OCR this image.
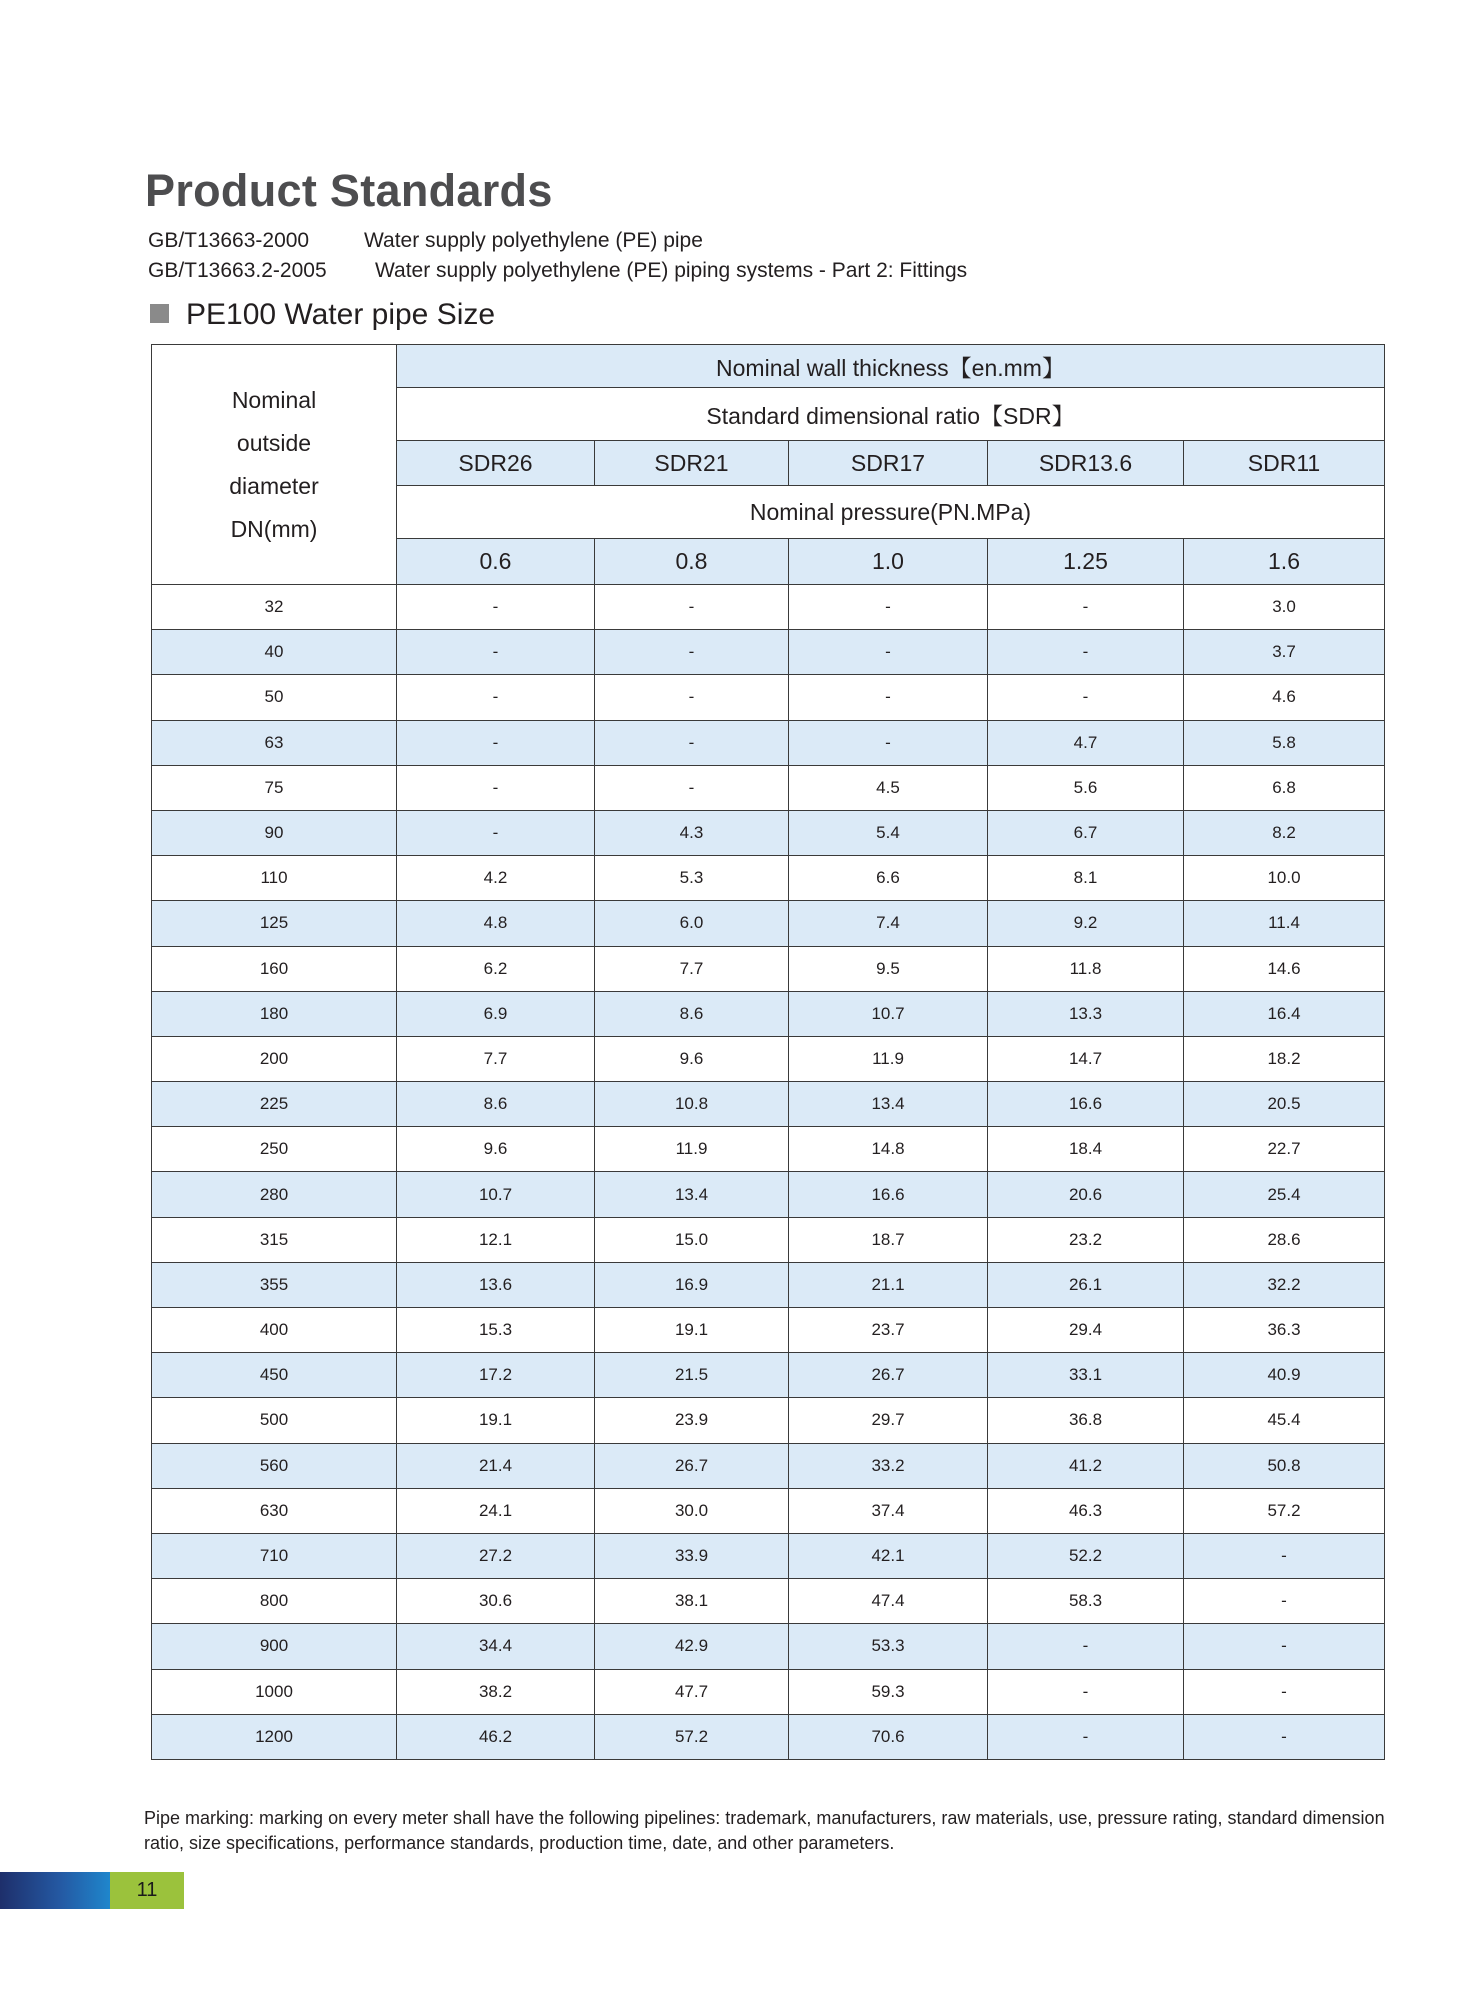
Product Standards
GB/T13663-2000	Water supply polyethylene (PE) pipe
GB/T13663.2-2005 Water supply polyethylene (PE) piping systems - Part 2: Fittings
PE100 Water pipe Size
Nominal
outside
diameter
DN(mm)	Nominal wall thickness【en.mm】				
	Standard dimensional ratio【SDR】				
	SDR26	SDR21	SDR17	SDR13.6	SDR11
	Nominal pressure(PN.MPa)				
	0.6	0.8	1.0	1.25	1.6
32	-	-	-	-	3.0
40	-	-	-	-	3.7
50	-	-	-	-	4.6
63	-	-	-	4.7	5.8
75	-	-	4.5	5.6	6.8
90	-	4.3	5.4	6.7	8.2
110	4.2	5.3	6.6	8.1	10.0
125	4.8	6.0	7.4	9.2	11.4
160	6.2	7.7	9.5	11.8	14.6
180	6.9	8.6	10.7	13.3	16.4
200	7.7	9.6	11.9	14.7	18.2
225	8.6	10.8	13.4	16.6	20.5
250	9.6	11.9	14.8	18.4	22.7
280	10.7	13.4	16.6	20.6	25.4
315	12.1	15.0	18.7	23.2	28.6
355	13.6	16.9	21.1	26.1	32.2
400	15.3	19.1	23.7	29.4	36.3
450	17.2	21.5	26.7	33.1	40.9
500	19.1	23.9	29.7	36.8	45.4
560	21.4	26.7	33.2	41.2	50.8
630	24.1	30.0	37.4	46.3	57.2
710	27.2	33.9	42.1	52.2	-
800	30.6	38.1	47.4	58.3	-
900	34.4	42.9	53.3	-	-
1000	38.2	47.7	59.3	-	-
1200	46.2	57.2	70.6	-	-
Pipe marking: marking on every meter shall have the following pipelines: trademark, manufacturers, raw materials, use, pressure rating, standard dimension ratio, size specifications, performance standards, production time, date, and other parameters.
11
